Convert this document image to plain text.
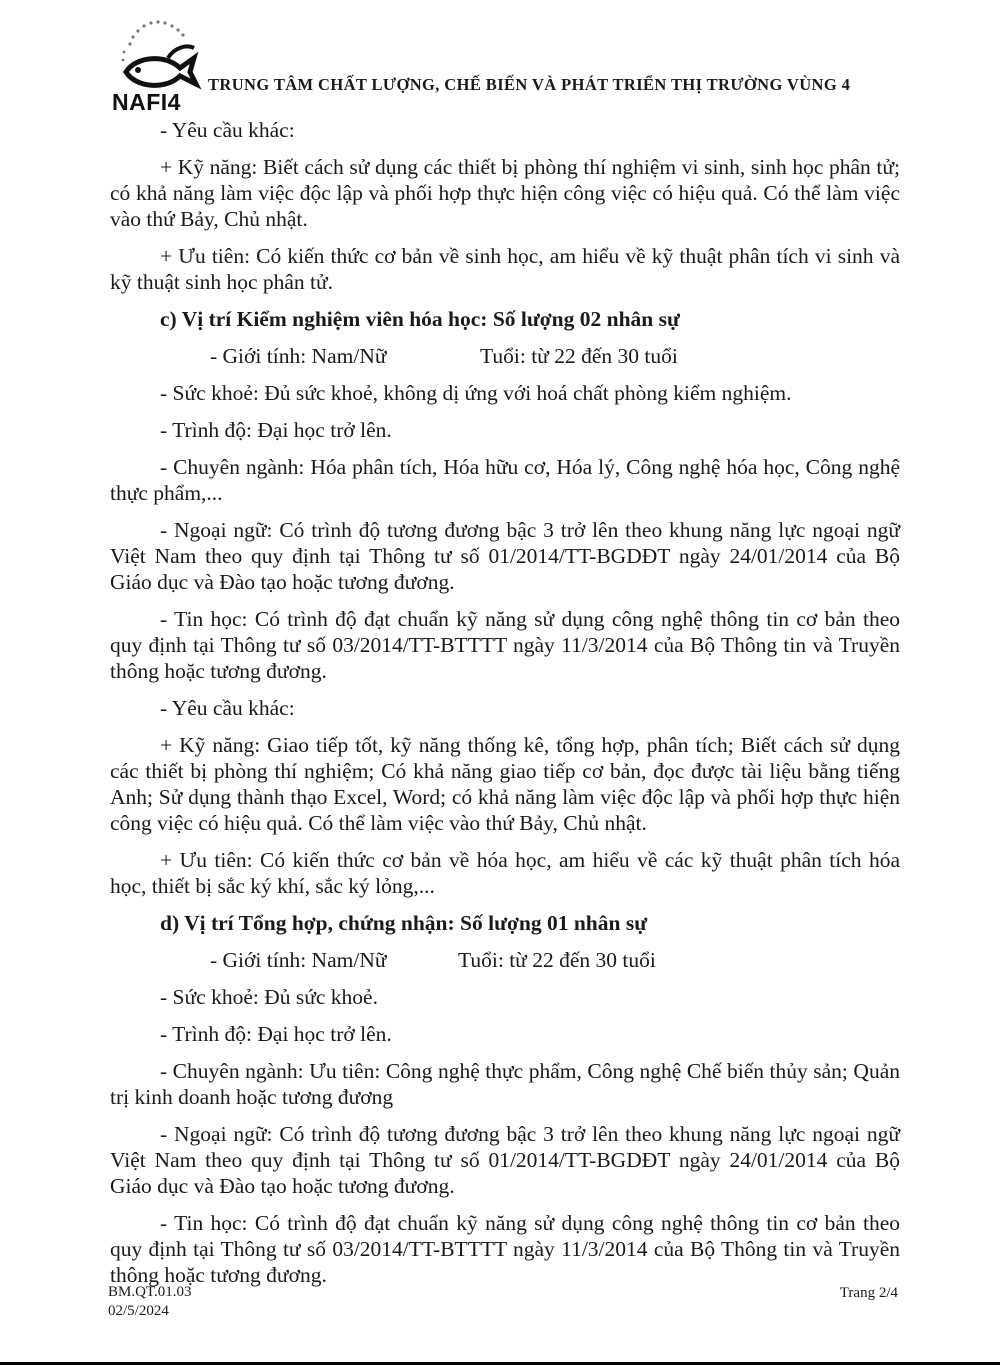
NAFI4
TRUNG TÂM CHẤT LƯỢNG, CHẾ BIẾN VÀ PHÁT TRIỂN THỊ TRƯỜNG VÙNG 4

- Yêu cầu khác:

+ Kỹ năng: Biết cách sử dụng các thiết bị phòng thí nghiệm vi sinh, sinh học phân tử; có khả năng làm việc độc lập và phối hợp thực hiện công việc có hiệu quả. Có thể làm việc vào thứ Bảy, Chủ nhật.

+ Ưu tiên: Có kiến thức cơ bản về sinh học, am hiểu về kỹ thuật phân tích vi sinh và kỹ thuật sinh học phân tử.

c) Vị trí Kiểm nghiệm viên hóa học: Số lượng 02 nhân sự

- Giới tính: Nam/Nữ	Tuổi: từ 22 đến 30 tuổi

- Sức khoẻ: Đủ sức khoẻ, không dị ứng với hoá chất phòng kiểm nghiệm.

- Trình độ: Đại học trở lên.

- Chuyên ngành: Hóa phân tích, Hóa hữu cơ, Hóa lý, Công nghệ hóa học, Công nghệ thực phẩm,...

- Ngoại ngữ: Có trình độ tương đương bậc 3 trở lên theo khung năng lực ngoại ngữ Việt Nam theo quy định tại Thông tư số 01/2014/TT-BGDĐT ngày 24/01/2014 của Bộ Giáo dục và Đào tạo hoặc tương đương.

- Tin học: Có trình độ đạt chuẩn kỹ năng sử dụng công nghệ thông tin cơ bản theo quy định tại Thông tư số 03/2014/TT-BTTTT ngày 11/3/2014 của Bộ Thông tin và Truyền thông hoặc tương đương.

- Yêu cầu khác:

+ Kỹ năng: Giao tiếp tốt, kỹ năng thống kê, tổng hợp, phân tích; Biết cách sử dụng các thiết bị phòng thí nghiệm; Có khả năng giao tiếp cơ bản, đọc được tài liệu bằng tiếng Anh; Sử dụng thành thạo Excel, Word; có khả năng làm việc độc lập và phối hợp thực hiện công việc có hiệu quả. Có thể làm việc vào thứ Bảy, Chủ nhật.

+ Ưu tiên: Có kiến thức cơ bản về hóa học, am hiểu về các kỹ thuật phân tích hóa học, thiết bị sắc ký khí, sắc ký lỏng,...

d) Vị trí Tổng hợp, chứng nhận: Số lượng 01 nhân sự

- Giới tính: Nam/Nữ	Tuổi: từ 22 đến 30 tuổi

- Sức khoẻ: Đủ sức khoẻ.

- Trình độ: Đại học trở lên.

- Chuyên ngành: Ưu tiên: Công nghệ thực phẩm, Công nghệ Chế biến thủy sản; Quản trị kinh doanh hoặc tương đương

- Ngoại ngữ: Có trình độ tương đương bậc 3 trở lên theo khung năng lực ngoại ngữ Việt Nam theo quy định tại Thông tư số 01/2014/TT-BGDĐT ngày 24/01/2014 của Bộ Giáo dục và Đào tạo hoặc tương đương.

- Tin học: Có trình độ đạt chuẩn kỹ năng sử dụng công nghệ thông tin cơ bản theo quy định tại Thông tư số 03/2014/TT-BTTTT ngày 11/3/2014 của Bộ Thông tin và Truyền thông hoặc tương đương.

BM.QT.01.03
02/5/2024
Trang 2/4
